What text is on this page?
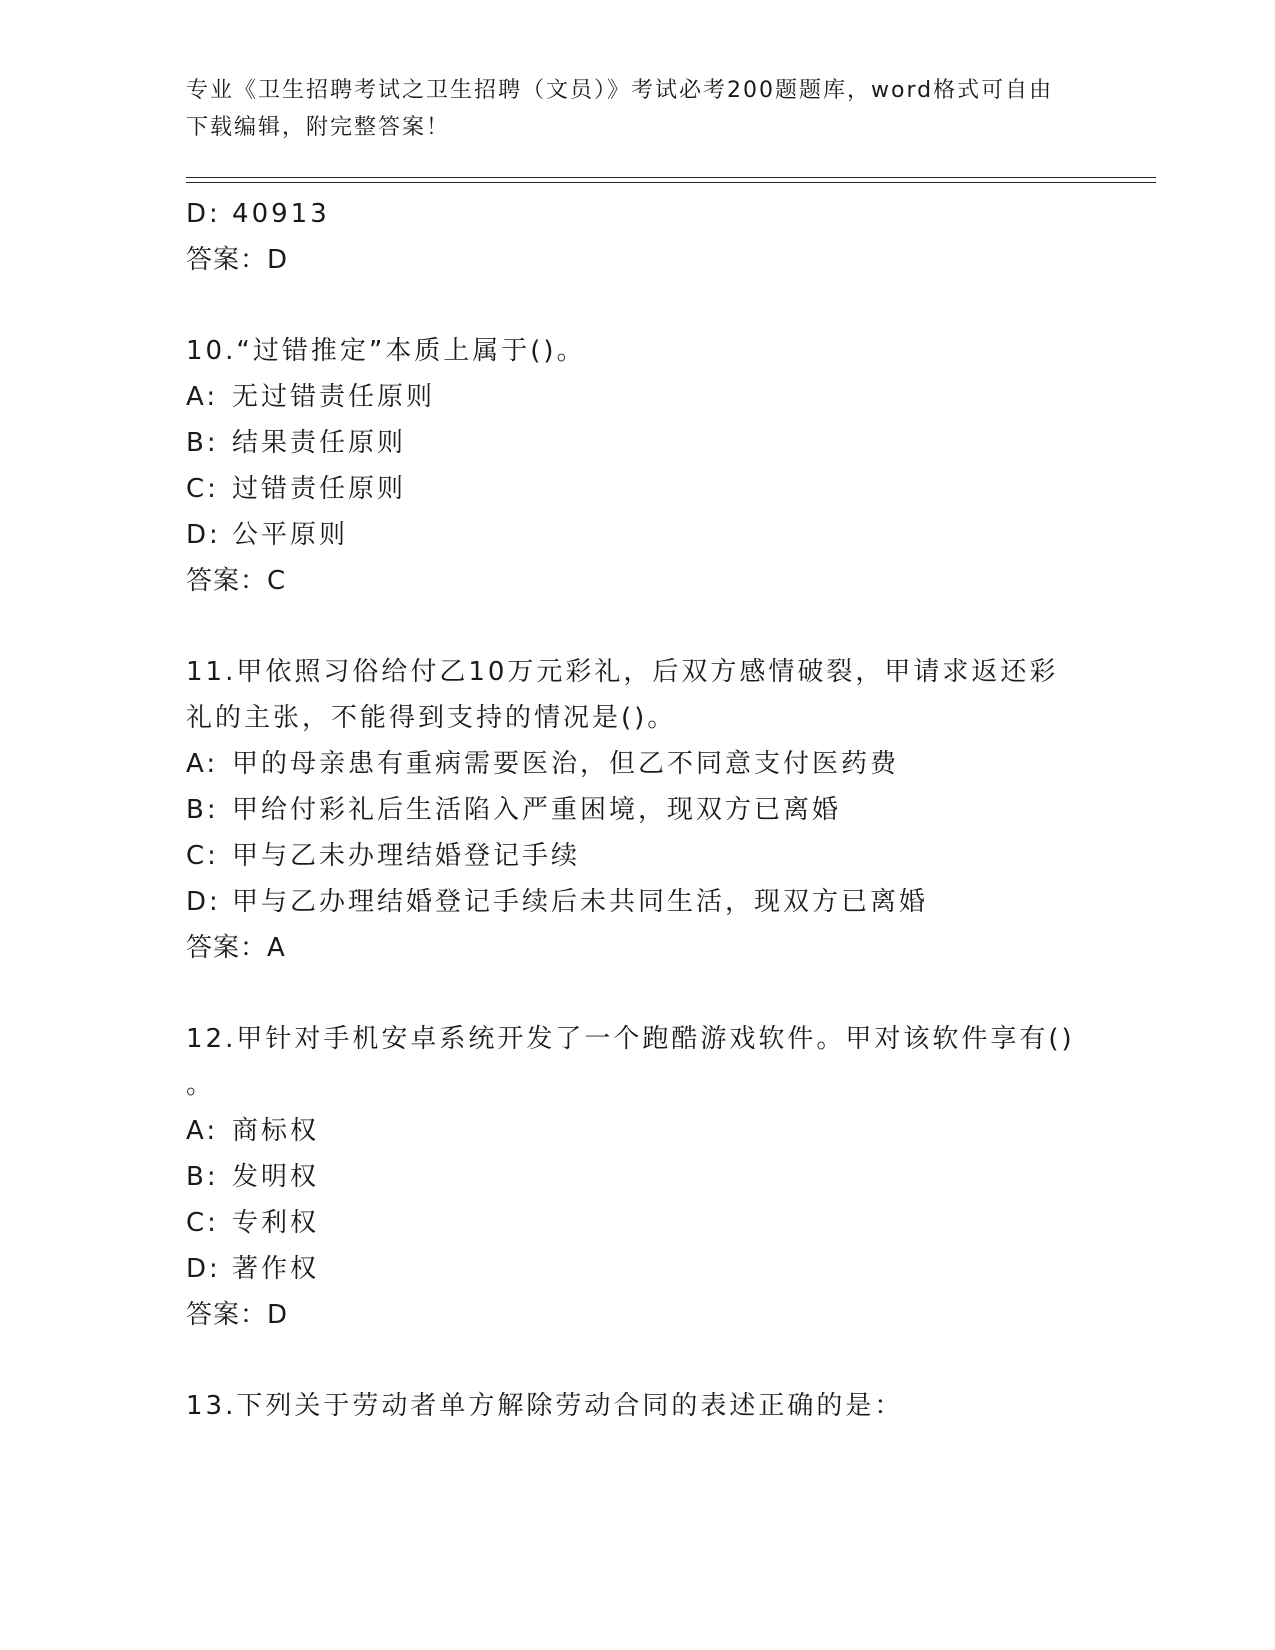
专业《卫生招聘考试之卫生招聘（文员）》考试必考200题题库，word格式可自由下载编辑，附完整答案！
D: 40913
答案：D
10.“过错推定”本质上属于()。
A: 无过错责任原则
B: 结果责任原则
C: 过错责任原则
D: 公平原则
答案：C
11.甲依照习俗给付乙10万元彩礼，后双方感情破裂，甲请求返还彩
礼的主张，不能得到支持的情况是()。
A: 甲的母亲患有重病需要医治，但乙不同意支付医药费
B: 甲给付彩礼后生活陷入严重困境，现双方已离婚
C: 甲与乙未办理结婚登记手续
D: 甲与乙办理结婚登记手续后未共同生活，现双方已离婚
答案：A
12.甲针对手机安卓系统开发了一个跑酷游戏软件。甲对该软件享有()
。
A: 商标权
B: 发明权
C: 专利权
D: 著作权
答案：D
13.下列关于劳动者单方解除劳动合同的表述正确的是：
